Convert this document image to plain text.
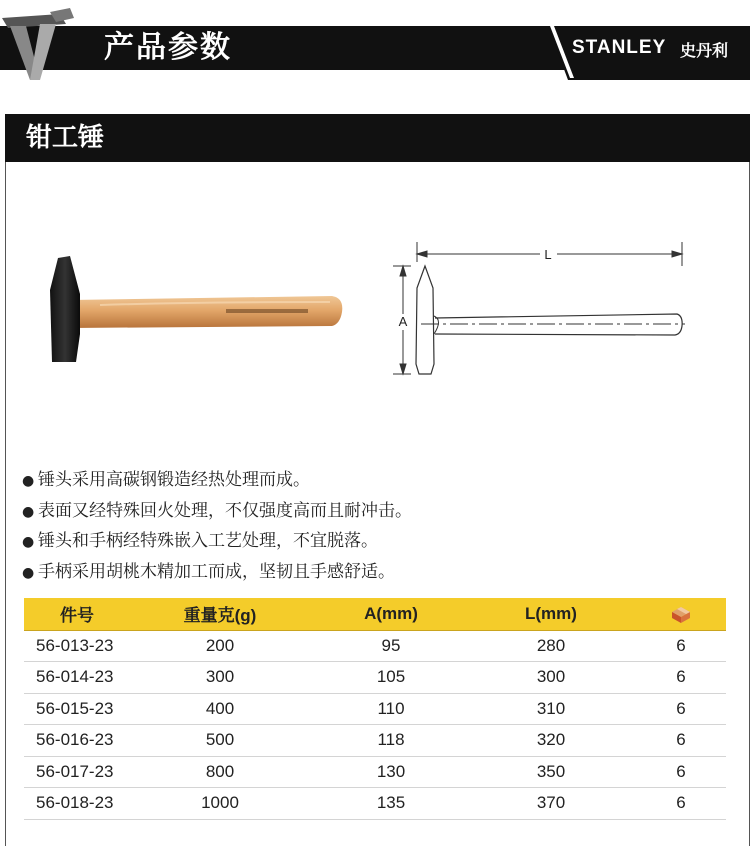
产品参数	STANLEY 史丹利
钳工锤
L
A
● 锤头采用高碳钢锻造经热处理而成。
● 表面又经特殊回火处理，不仅强度高而且耐冲击。
● 锤头和手柄经特殊嵌入工艺处理，不宜脱落。
● 手柄采用胡桃木精加工而成，坚韧且手感舒适。
件号	重量克(g)	A(mm)	L(mm)	
56-013-23	200	95	280	6
56-014-23	300	105	300	6
56-015-23	400	110	310	6
56-016-23	500	118	320	6
56-017-23	800	130	350	6
56-018-23	1000	135	370	6
